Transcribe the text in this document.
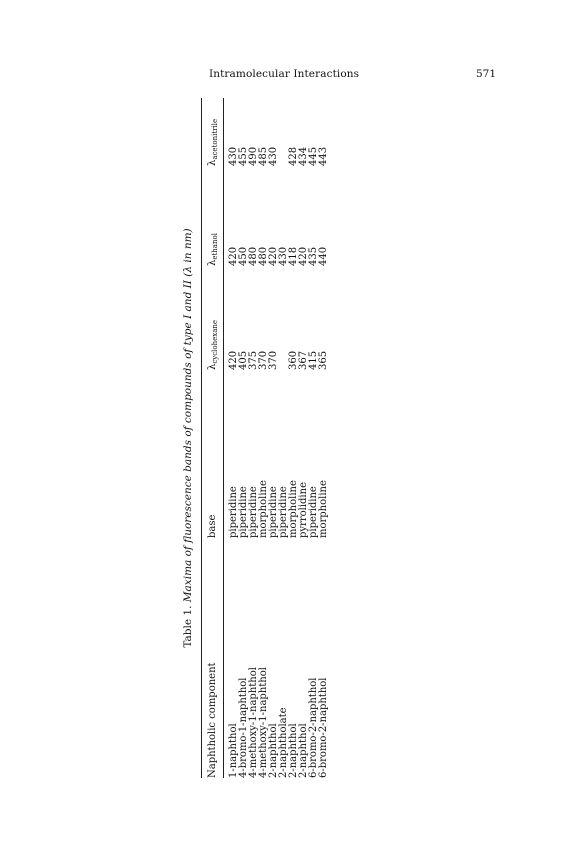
Intramolecular Interactions	571
Table 1. Maxima of fluorescence bands of compounds of type I and II (λ in nm)
Naphtholic component
base
$\lambda_{cyclohexane}$
$\lambda_{ethanol}$
$\lambda_{acetonitrile}$
1-naphthol
piperidine
420
420
430
4-bromo-1-naphthol
piperidine
405
450
455
4-methoxy-1-naphthol
piperidine
375
480
490
4-methoxy-1-naphthol
morpholine
370
480
485
2-naphthol
piperidine
370
420
430
2-naphtholate
piperidine
430
2-naphthol
morpholine
360
418
428
2-naphthol
pyrrolidine
367
420
434
6-bromo-2-naphthol
piperidine
415
435
445
6-bromo-2-naphthol
morpholine
365
440
443
